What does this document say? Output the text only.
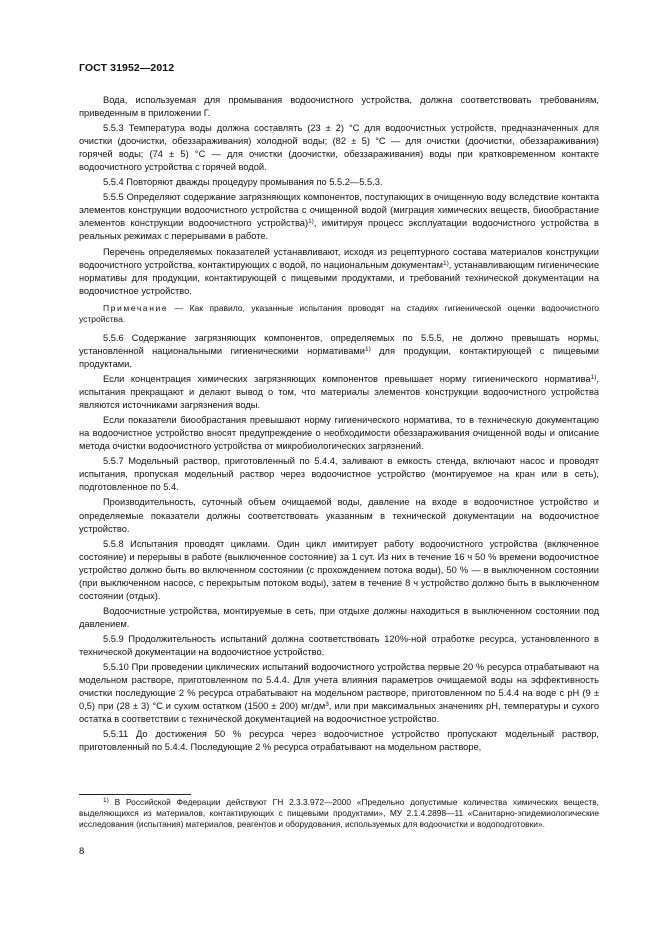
ГОСТ 31952—2012

Вода, используемая для промывания водоочистного устройства, должна соответствовать требованиям, приведенным в приложении Г.

5.5.3 Температура воды должна составлять (23 ± 2) °С для водоочистных устройств, предназначенных для очистки (доочистки, обеззараживания) холодной воды; (82 ± 5) °С — для очистки (доочистки, обеззараживания) горячей воды; (74 ± 5) °С — для очистки (доочистки, обеззараживания) воды при кратковременном контакте водоочистного устройства с горячей водой.

5.5.4 Повторяют дважды процедуру промывания по 5.5.2—5.5.3.

5.5.5 Определяют содержание загрязняющих компонентов, поступающих в очищенную воду вследствие контакта элементов конструкции водоочистного устройства с очищенной водой (миграция химических веществ, биообрастание элементов конструкции водоочистного устройства)$^{1)}$, имитируя процесс эксплуатации водоочистного устройства в реальных режимах с перерывами в работе.

Перечень определяемых показателей устанавливают, исходя из рецептурного состава материалов конструкции водоочистного устройства, контактирующих с водой, по национальным документам$^{1)}$, устанавливающим гигиенические нормативы для продукции, контактирующей с пищевыми продуктами, и требований технической документации на водоочистное устройство.

Примечание — Как правило, указанные испытания проводят на стадиях гигиенической оценки водоочистного устройства.

5.5.6 Содержание загрязняющих компонентов, определяемых по 5.5.5, не должно превышать нормы, установленной национальными гигиеническими нормативами$^{1)}$ для продукции, контактирующей с пищевыми продуктами.

Если концентрация химических загрязняющих компонентов превышает норму гигиенического норматива$^{1)}$, испытания прекращают и делают вывод о том, что материалы элементов конструкции водоочистного устройства являются источниками загрязнения воды.

Если показатели биообрастания превышают норму гигиенического норматива, то в техническую документацию на водоочистное устройство вносят предупреждение о необходимости обеззараживания очищенной воды и описание метода очистки водоочистного устройства от микробиологических загрязнений.

5.5.7 Модельный раствор, приготовленный по 5.4.4, заливают в емкость стенда, включают насос и проводят испытания, пропуская модельный раствор через водоочистное устройство (монтируемое на кран или в сеть), подготовленное по 5.4.

Производительность, суточный объем очищаемой воды, давление на входе в водоочистное устройство и определяемые показатели должны соответствовать указанным в технической документации на водоочистное устройство.

5.5.8 Испытания проводят циклами. Один цикл имитирует работу водоочистного устройства (включенное состояние) и перерывы в работе (выключенное состояние) за 1 сут. Из них в течение 16 ч 50 % времени водоочистное устройство должно быть во включенном состоянии (с прохождением потока воды), 50 % — в выключенном состоянии (при выключенном насосе, с перекрытым потоком воды), затем в течение 8 ч устройство должно быть в выключенном состоянии (отдых).

Водоочистные устройства, монтируемые в сеть, при отдыхе должны находиться в выключенном состоянии под давлением.

5.5.9 Продолжительность испытаний должна соответствовать 120%-ной отработке ресурса, установленного в технической документации на водоочистное устройство.

5.5.10 При проведении циклических испытаний водоочистного устройства первые 20 % ресурса отрабатывают на модельном растворе, приготовленном по 5.4.4. Для учета влияния параметров очищаемой воды на эффективность очистки последующие 2 % ресурса отрабатывают на модельном растворе, приготовленном по 5.4.4 на воде с рН (9 ± 0,5) при (28 ± 3) °С и сухим остатком (1500 ± 200) $мг/дм^3$, или при максимальных значениях рН, температуры и сухого остатка в соответствии с технической документацией на водоочистное устройство.

5.5.11 До достижения 50 % ресурса через водоочистное устройство пропускают модельный раствор, приготовленный по 5.4.4. Последующие 2 % ресурса отрабатывают на модельном растворе,

$^{1)}$ В Российской Федерации действуют ГН 2.3.3.972—2000 «Предельно допустимые количества химических веществ, выделяющихся из материалов, контактирующих с пищевыми продуктами», МУ 2.1.4.2898—11 «Санитарно-эпидемиологические исследования (испытания) материалов, реагентов и оборудования, используемых для водоочистки и водоподготовки».
8
